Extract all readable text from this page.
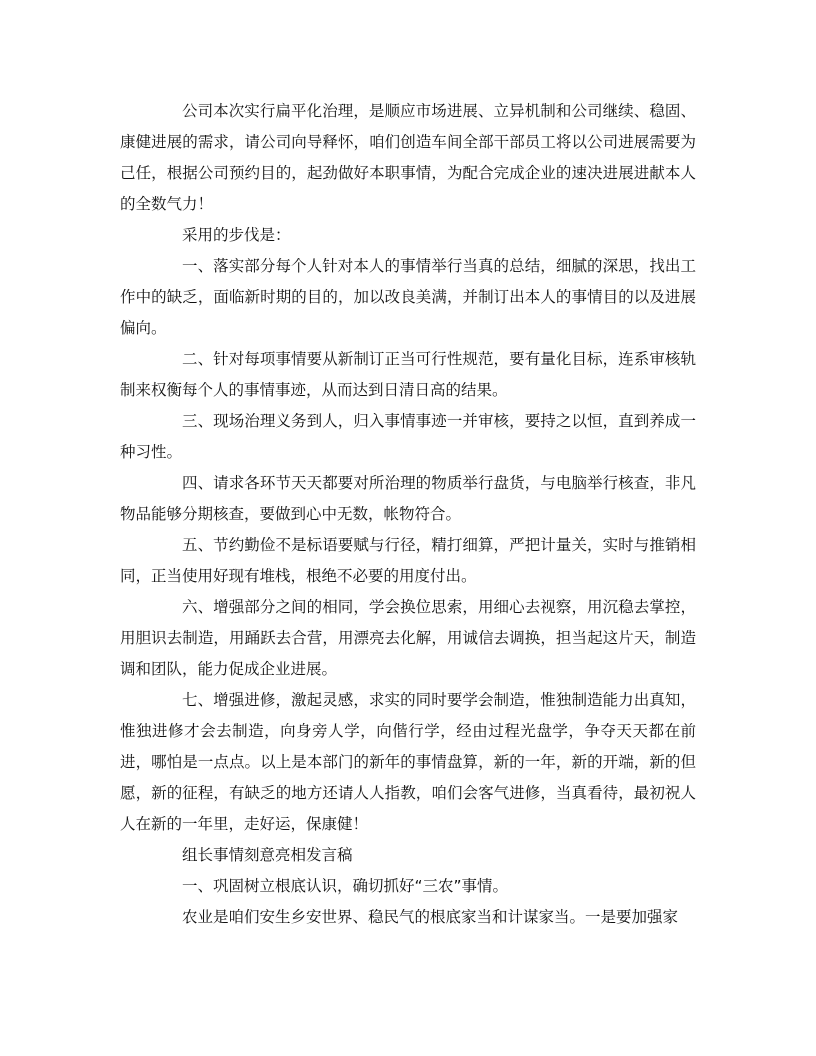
公司本次实行扁平化治理，是顺应市场进展、立异机制和公司继续、稳固、康健进展的需求，请公司向导释怀，咱们创造车间全部干部员工将以公司进展需要为己任，根据公司预约目的，起劲做好本职事情，为配合完成企业的速决进展进献本人的全数气力！

采用的步伐是：

一、落实部分每个人针对本人的事情举行当真的总结，细腻的深思，找出工作中的缺乏，面临新时期的目的，加以改良美满，并制订出本人的事情目的以及进展偏向。

二、针对每项事情要从新制订正当可行性规范，要有量化目标，连系审核轨制来权衡每个人的事情事迹，从而达到日清日高的结果。

三、现场治理义务到人，归入事情事迹一并审核，要持之以恒，直到养成一种习性。

四、请求各环节天天都要对所治理的物质举行盘货，与电脑举行核查，非凡物品能够分期核查，要做到心中无数，帐物符合。

五、节约勤俭不是标语要赋与行径，精打细算，严把计量关，实时与推销相同，正当使用好现有堆栈，根绝不必要的用度付出。

六、增强部分之间的相同，学会换位思索，用细心去视察，用沉稳去掌控，用胆识去制造，用踊跃去合营，用漂亮去化解，用诚信去调换，担当起这片天，制造调和团队，能力促成企业进展。

七、增强进修，激起灵感，求实的同时要学会制造，惟独制造能力出真知，惟独进修才会去制造，向身旁人学，向偕行学，经由过程光盘学，争夺天天都在前进，哪怕是一点点。以上是本部门的新年的事情盘算，新的一年，新的开端，新的但愿，新的征程，有缺乏的地方还请人人指教，咱们会客气进修，当真看待，最初祝人人在新的一年里，走好运，保康健！

组长事情刻意亮相发言稿

一、巩固树立根底认识，确切抓好“三农”事情。

农业是咱们安生乡安世界、稳民气的根底家当和计谋家当。一是要加强家
